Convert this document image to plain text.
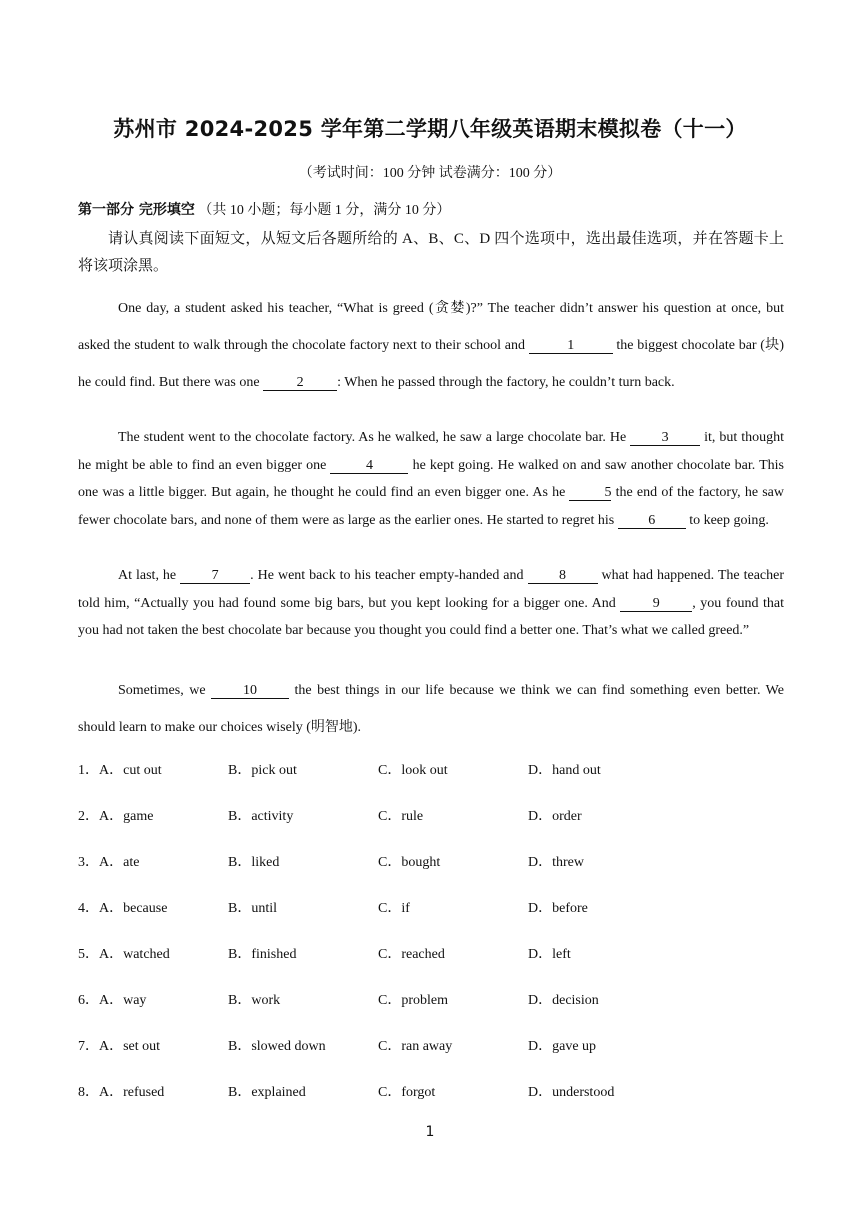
苏州市 2024-2025 学年第二学期八年级英语期末模拟卷（十一）
（考试时间：100 分钟 试卷满分：100 分）
第一部分 完形填空 （共 10 小题；每小题 1 分，满分 10 分）
请认真阅读下面短文，从短文后各题所给的 A、B、C、D 四个选项中，选出最佳选项，并在答题卡上将该项涂黑。

One day, a student asked his teacher, “What is greed (贪婪)?” The teacher didn’t answer his question at once, but asked the student to walk through the chocolate factory next to their school and	1	the biggest chocolate bar (块) he could find. But there was one 2 : When he passed through the factory, he couldn’t turn back.

The student went to the chocolate factory. As he walked, he saw a large chocolate bar. He 3 it, but thought he might be able to find an even bigger one	4	he kept going. He walked on and saw another chocolate bar. This one was a little bigger. But again, he thought he could find an even bigger one. As he	5 the end of the factory, he saw fewer chocolate bars, and none of them were as large as the earlier ones. He started to regret his 6 to keep going.

At last, he 7 . He went back to his teacher empty-handed and 8 what had happened. The teacher told him, “Actually you had found some big bars, but you kept looking for a bigger one. And 9 , you found that you had not taken the best chocolate bar because you thought you could find a better one. That’s what we called greed.”

Sometimes, we 10 the best things in our life because we think we can find something even better. We should learn to make our choices wisely (明智地).

1．A．cut out	B．pick out	C．look out	D．hand out
2．A．game	B．activity	C．rule	D．order
3．A．ate	B．liked	C．bought	D．threw
4．A．because	B．until	C．if	D．before
5．A．watched	B．finished	C．reached	D．left
6．A．way	B．work	C．problem	D．decision
7．A．set out	B．slowed down	C．ran away	D．gave up
8．A．refused	B．explained	C．forgot	D．understood
1
